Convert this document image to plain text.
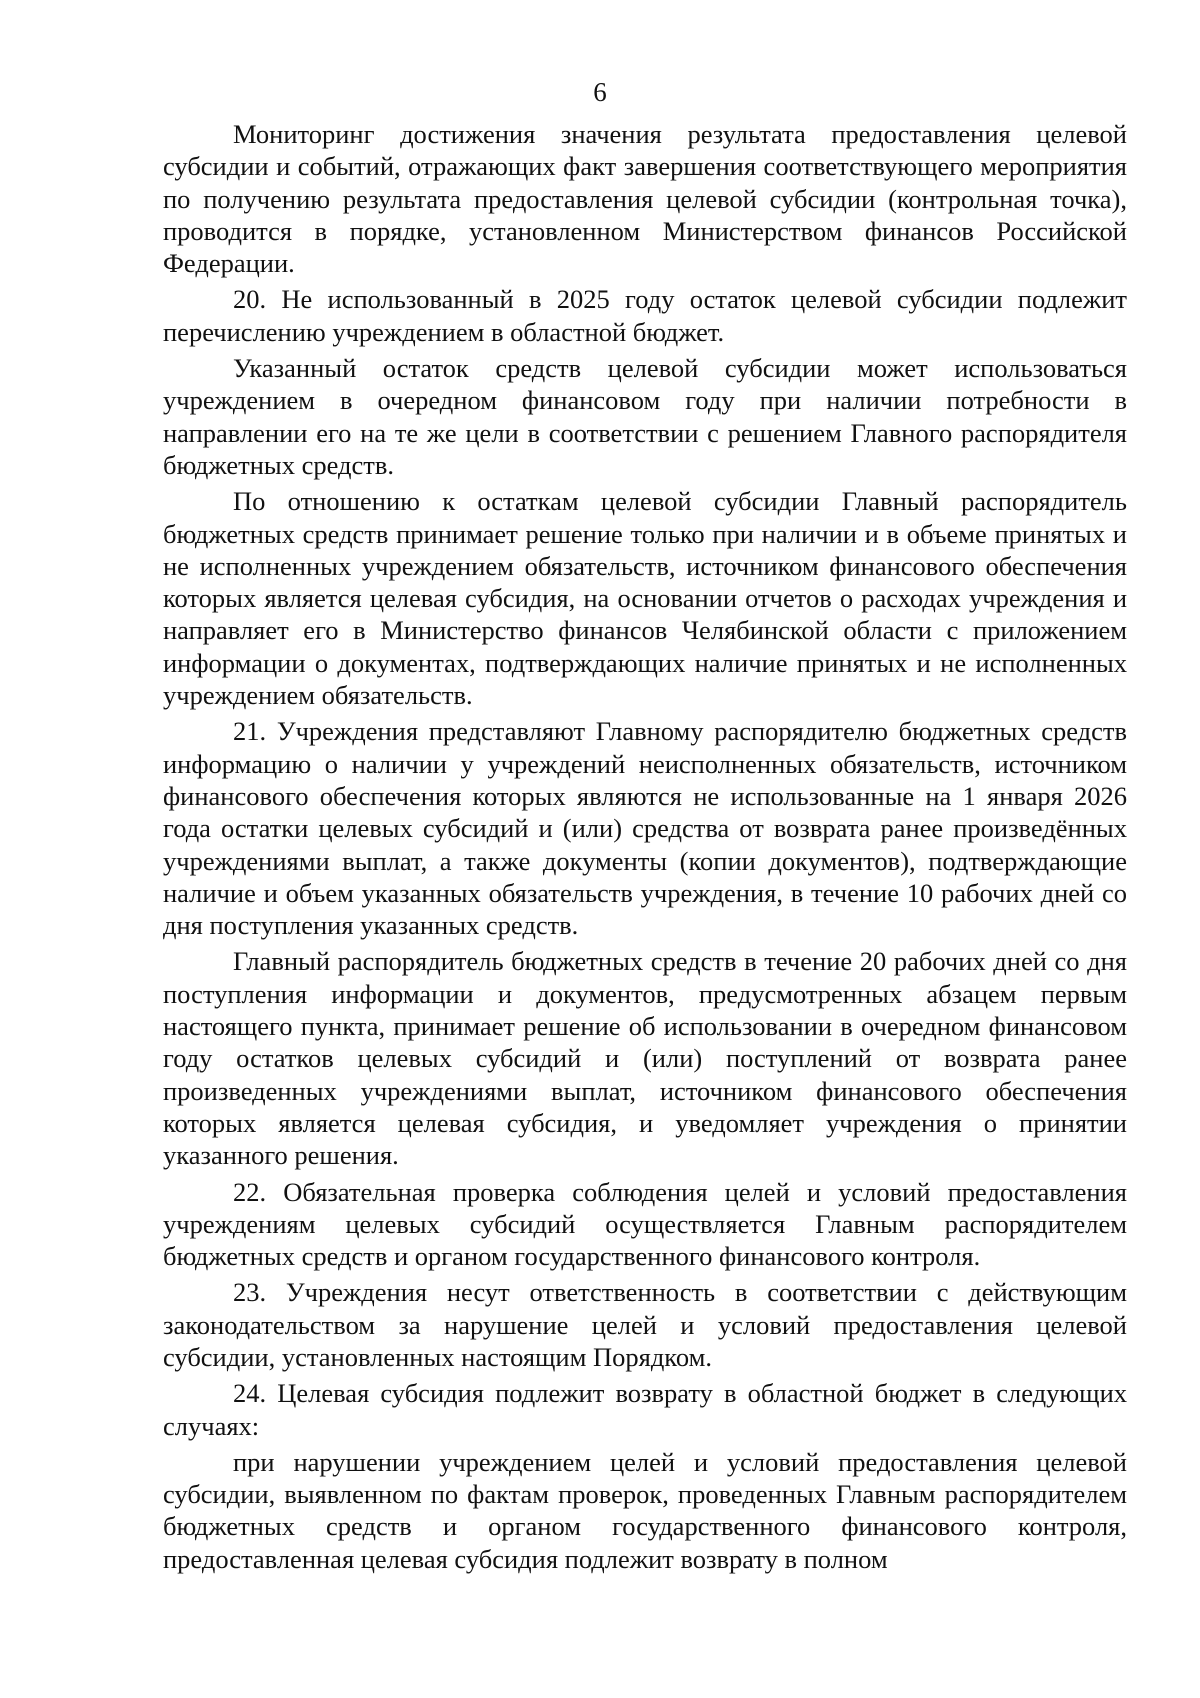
6

Мониторинг достижения значения результата предоставления целевой субсидии и событий, отражающих факт завершения соответствующего мероприятия по получению результата предоставления целевой субсидии (контрольная точка), проводится в порядке, установленном Министерством финансов Российской Федерации.

20. Не использованный в 2025 году остаток целевой субсидии подлежит перечислению учреждением в областной бюджет.

Указанный остаток средств целевой субсидии может использоваться учреждением в очередном финансовом году при наличии потребности в направлении его на те же цели в соответствии с решением Главного распорядителя бюджетных средств.

По отношению к остаткам целевой субсидии Главный распорядитель бюджетных средств принимает решение только при наличии и в объеме принятых и не исполненных учреждением обязательств, источником финансового обеспечения которых является целевая субсидия, на основании отчетов о расходах учреждения и направляет его в Министерство финансов Челябинской области с приложением информации о документах, подтверждающих наличие принятых и не исполненных учреждением обязательств.

21. Учреждения представляют Главному распорядителю бюджетных средств информацию о наличии у учреждений неисполненных обязательств, источником финансового обеспечения которых являются не использованные на 1 января 2026 года остатки целевых субсидий и (или) средства от возврата ранее произведённых учреждениями выплат, а также документы (копии документов), подтверждающие наличие и объем указанных обязательств учреждения, в течение 10 рабочих дней со дня поступления указанных средств.

Главный распорядитель бюджетных средств в течение 20 рабочих дней со дня поступления информации и документов, предусмотренных абзацем первым настоящего пункта, принимает решение об использовании в очередном финансовом году остатков целевых субсидий и (или) поступлений от возврата ранее произведенных учреждениями выплат, источником финансового обеспечения которых является целевая субсидия, и уведомляет учреждения о принятии указанного решения.

22. Обязательная проверка соблюдения целей и условий предоставления учреждениям целевых субсидий осуществляется Главным распорядителем бюджетных средств и органом государственного финансового контроля.

23. Учреждения несут ответственность в соответствии с действующим законодательством за нарушение целей и условий предоставления целевой субсидии, установленных настоящим Порядком.

24. Целевая субсидия подлежит возврату в областной бюджет в следующих случаях:

при нарушении учреждением целей и условий предоставления целевой субсидии, выявленном по фактам проверок, проведенных Главным распорядителем бюджетных средств и органом государственного финансового контроля, предоставленная целевая субсидия подлежит возврату в полном
